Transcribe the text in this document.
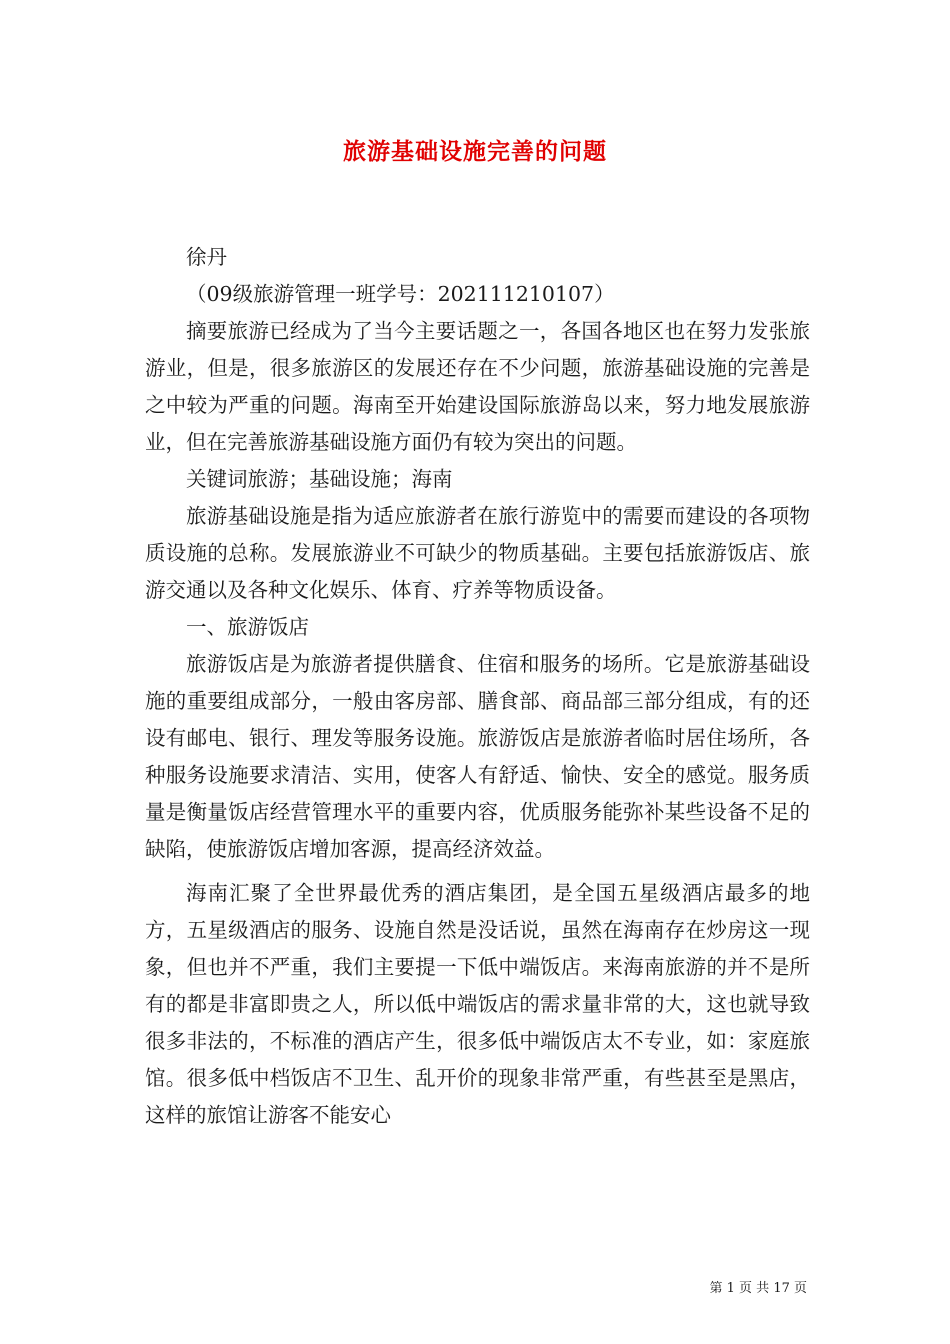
旅游基础设施完善的问题

徐丹

（09级旅游管理一班学号：202111210107）

摘要旅游已经成为了当今主要话题之一，各国各地区也在努力发张旅游业，但是，很多旅游区的发展还存在不少问题，旅游基础设施的完善是之中较为严重的问题。海南至开始建设国际旅游岛以来，努力地发展旅游业，但在完善旅游基础设施方面仍有较为突出的问题。

关键词旅游；基础设施；海南

旅游基础设施是指为适应旅游者在旅行游览中的需要而建设的各项物质设施的总称。发展旅游业不可缺少的物质基础。主要包括旅游饭店、旅游交通以及各种文化娱乐、体育、疗养等物质设备。

一、旅游饭店

旅游饭店是为旅游者提供膳食、住宿和服务的场所。它是旅游基础设施的重要组成部分，一般由客房部、膳食部、商品部三部分组成，有的还设有邮电、银行、理发等服务设施。旅游饭店是旅游者临时居住场所，各种服务设施要求清洁、实用，使客人有舒适、愉快、安全的感觉。服务质量是衡量饭店经营管理水平的重要内容，优质服务能弥补某些设备不足的缺陷，使旅游饭店增加客源，提高经济效益。

海南汇聚了全世界最优秀的酒店集团，是全国五星级酒店最多的地方，五星级酒店的服务、设施自然是没话说，虽然在海南存在炒房这一现象，但也并不严重，我们主要提一下低中端饭店。来海南旅游的并不是所有的都是非富即贵之人，所以低中端饭店的需求量非常的大，这也就导致很多非法的，不标准的酒店产生，很多低中端饭店太不专业，如：家庭旅馆。很多低中档饭店不卫生、乱开价的现象非常严重，有些甚至是黑店，这样的旅馆让游客不能安心

第 1 页 共 17 页
